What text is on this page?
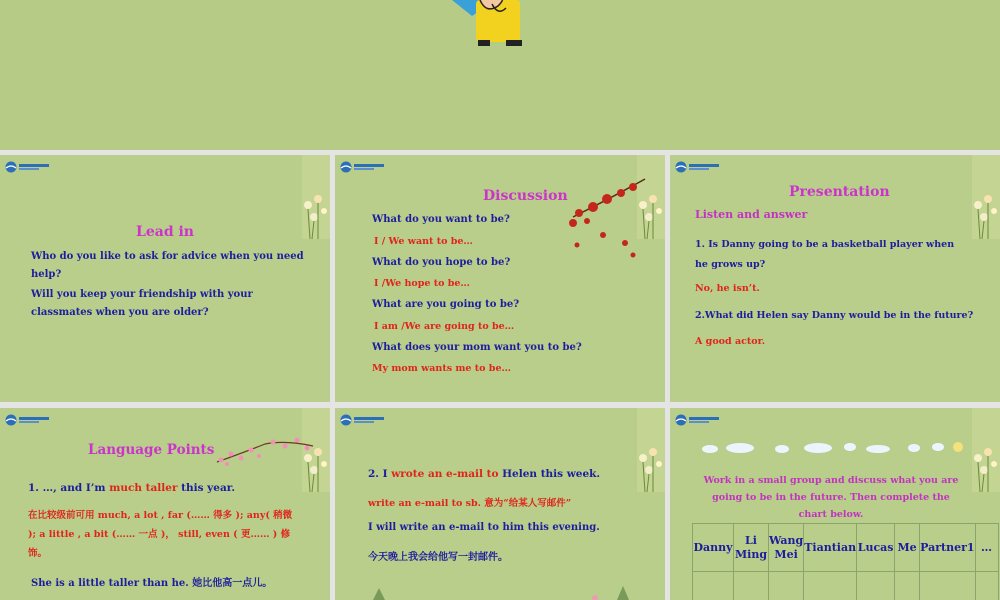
Lead in
Who do you like to ask for advice when you need help?
Will you keep your friendship with your classmates when you are older?
Discussion
What do you want to be?
I / We want to be…
What do you hope to be?
I /We hope to be…
What are you going to be?
I am /We are going to be…
What does your mom want you to be?
My mom wants me to be…
Presentation
Listen and answer
1. Is Danny going to be a basketball player when he grows up?
No, he isn’t.
2.What did Helen say Danny would be in the future?
A good actor.
Language Points
1. …, and I’m much taller this year.
在比较级前可用 much, a lot , far (…… 得多 ); any( 稍微 ); a little , a bit (…… 一点 )， still, even ( 更…… ) 修饰。
She is a little taller than he. 她比他高一点儿。
2. I wrote an e-mail to Helen this week.
write an e-mail to sb. 意为“给某人写邮件”
I will write an e-mail to him this evening.
今天晚上我会给他写一封邮件。
Work in a small group and discuss what you are going to be in the future. Then complete the chart below.
Danny	Li Ming	Wang Mei	Tiantian	Lucas	Me	Partner1	…
